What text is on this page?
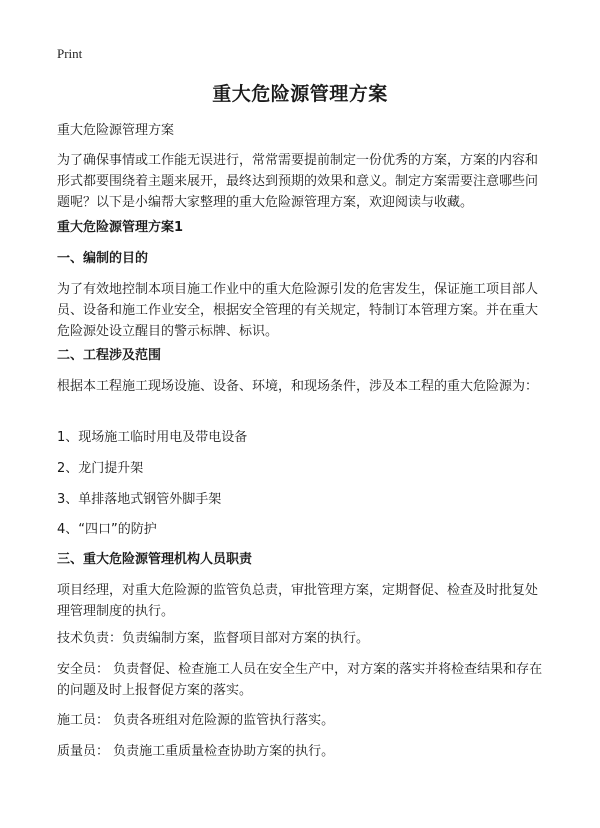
Print
重大危险源管理方案

重大危险源管理方案

为了确保事情或工作能无误进行，常常需要提前制定一份优秀的方案，方案的内容和形式都要围绕着主题来展开，最终达到预期的效果和意义。制定方案需要注意哪些问题呢？以下是小编帮大家整理的重大危险源管理方案，欢迎阅读与收藏。

重大危险源管理方案1

一、编制的目的

为了有效地控制本项目施工作业中的重大危险源引发的危害发生，保证施工项目部人员、设备和施工作业安全，根据安全管理的有关规定，特制订本管理方案。并在重大危险源处设立醒目的警示标牌、标识。

二、工程涉及范围

根据本工程施工现场设施、设备、环境，和现场条件，涉及本工程的重大危险源为：

1、现场施工临时用电及带电设备

2、龙门提升架

3、单排落地式钢管外脚手架

4、“四口”的防护

三、重大危险源管理机构人员职责

项目经理，对重大危险源的监管负总责，审批管理方案，定期督促、检查及时批复处理管理制度的执行。

技术负责：负责编制方案，监督项目部对方案的执行。

安全员： 负责督促、检查施工人员在安全生产中，对方案的落实并将检查结果和存在的问题及时上报督促方案的落实。

施工员： 负责各班组对危险源的监管执行落实。

质量员： 负责施工重质量检查协助方案的执行。
